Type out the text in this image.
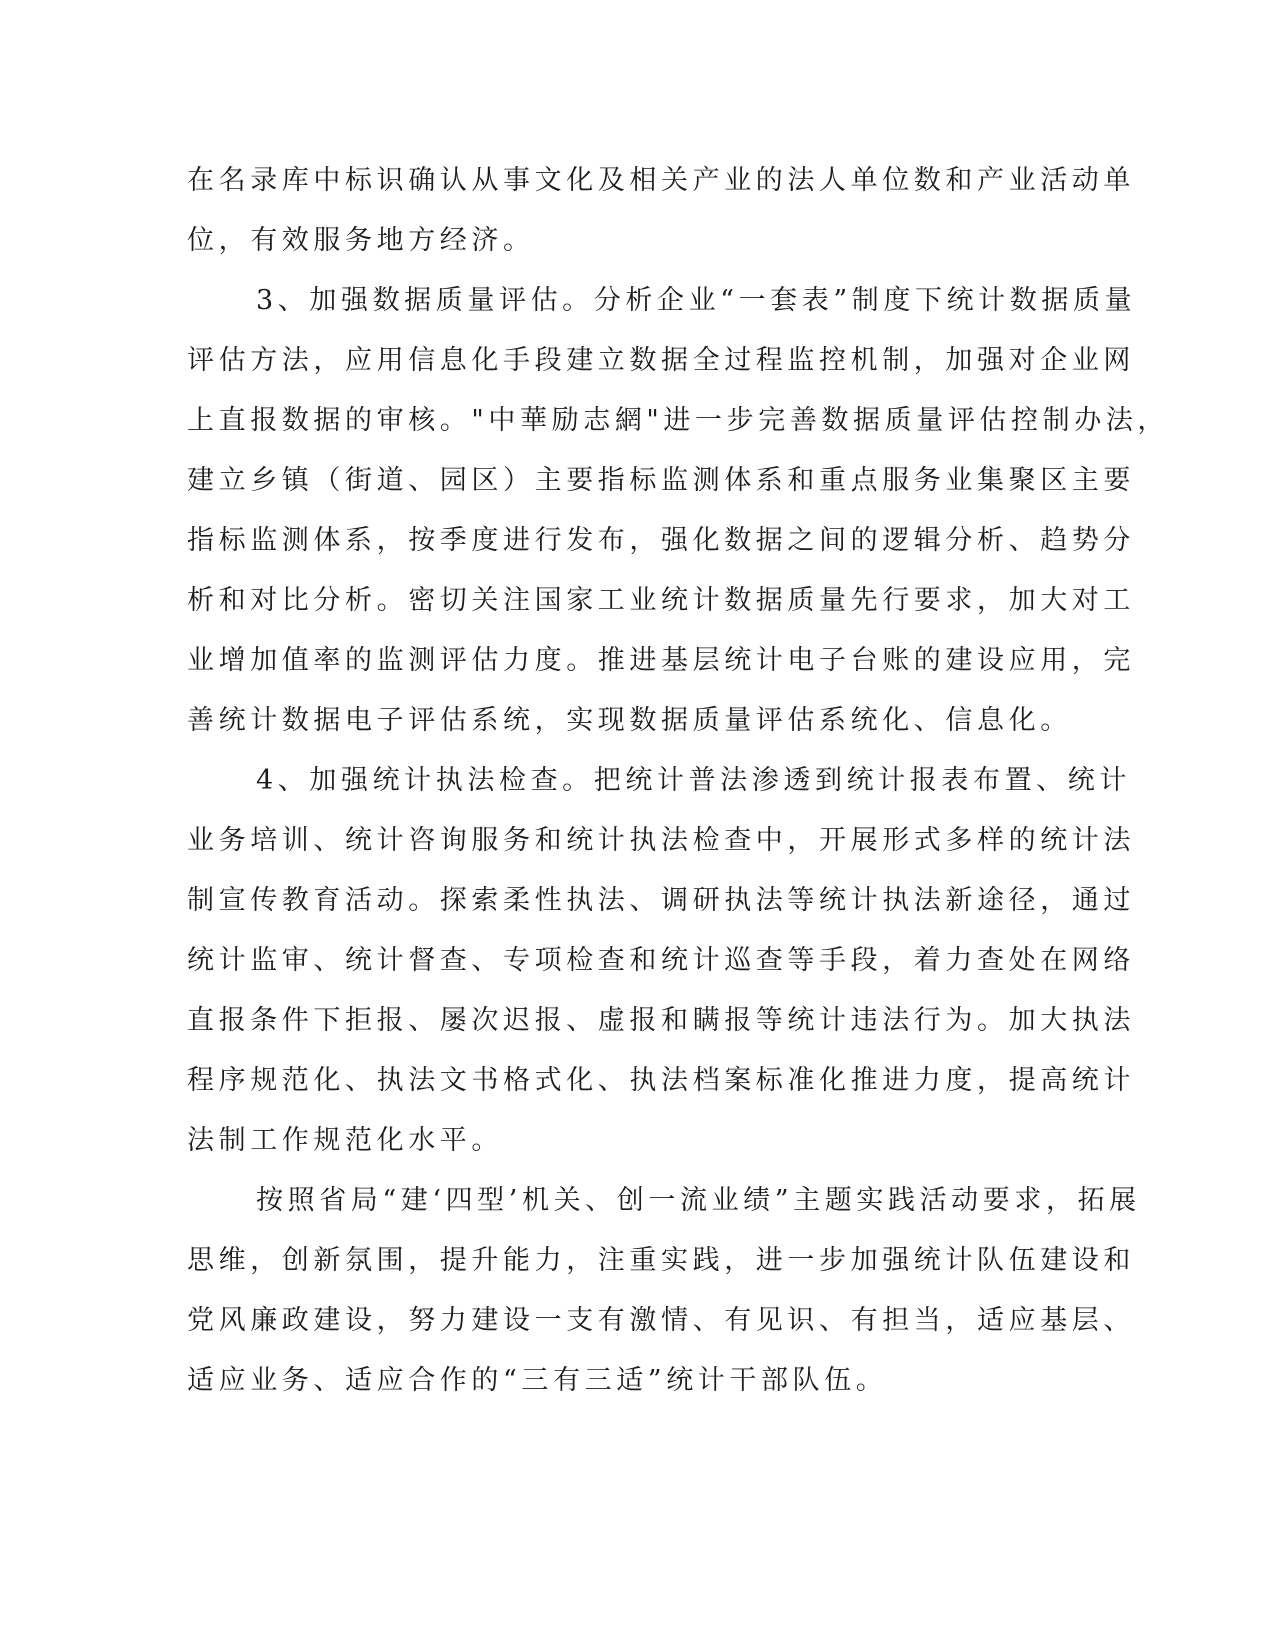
在名录库中标识确认从事文化及相关产业的法人单位数和产业活动单
位，有效服务地方经济。
3、加强数据质量评估。分析企业“一套表”制度下统计数据质量
评估方法，应用信息化手段建立数据全过程监控机制，加强对企业网
上直报数据的审核。"中華励志網"进一步完善数据质量评估控制办法，
建立乡镇（街道、园区）主要指标监测体系和重点服务业集聚区主要
指标监测体系，按季度进行发布，强化数据之间的逻辑分析、趋势分
析和对比分析。密切关注国家工业统计数据质量先行要求，加大对工
业增加值率的监测评估力度。推进基层统计电子台账的建设应用，完
善统计数据电子评估系统，实现数据质量评估系统化、信息化。
4、加强统计执法检查。把统计普法渗透到统计报表布置、统计
业务培训、统计咨询服务和统计执法检查中，开展形式多样的统计法
制宣传教育活动。探索柔性执法、调研执法等统计执法新途径，通过
统计监审、统计督查、专项检查和统计巡查等手段，着力查处在网络
直报条件下拒报、屡次迟报、虚报和瞒报等统计违法行为。加大执法
程序规范化、执法文书格式化、执法档案标准化推进力度，提高统计
法制工作规范化水平。
按照省局“建‘四型’机关、创一流业绩”主题实践活动要求，拓展
思维，创新氛围，提升能力，注重实践，进一步加强统计队伍建设和
党风廉政建设，努力建设一支有激情、有见识、有担当，适应基层、
适应业务、适应合作的“三有三适”统计干部队伍。
